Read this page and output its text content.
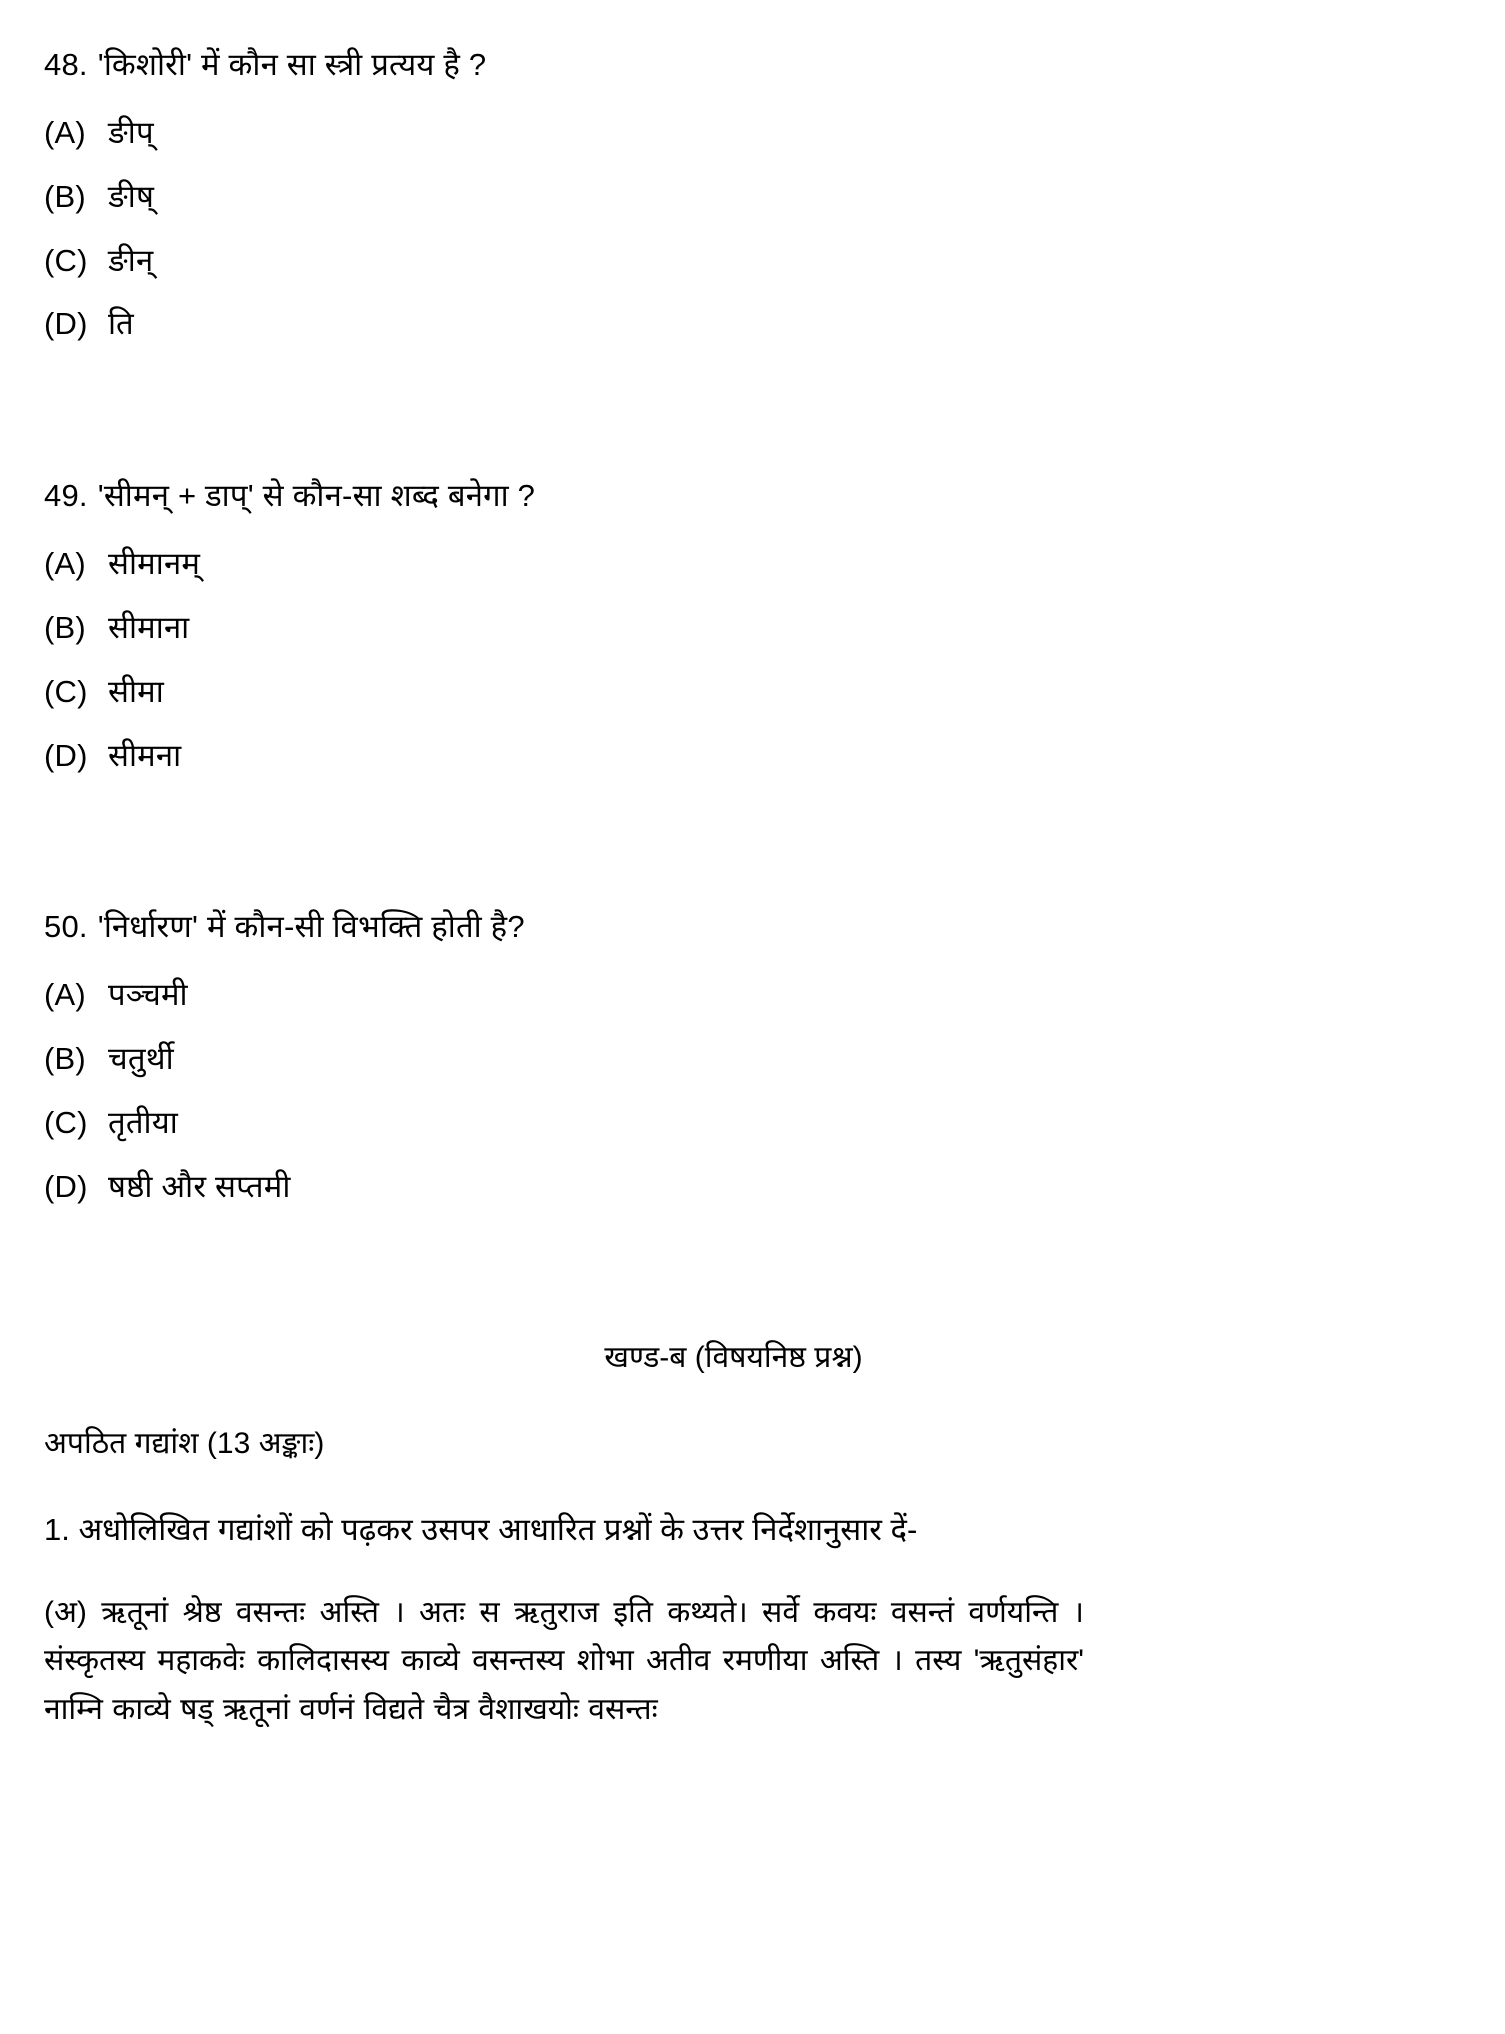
48. 'किशोरी' में कौन सा स्त्री प्रत्यय है ?

(A) ङीप्

(B) ङीष्

(C) ङीन्

(D) ति

49. 'सीमन् + डाप्' से कौन-सा शब्द बनेगा ?

(A) सीमानम्

(B) सीमाना

(C) सीमा

(D) सीमना

50. 'निर्धारण' में कौन-सी विभक्ति होती है?

(A) पञ्चमी

(B) चतुर्थी

(C) तृतीया

(D) षष्ठी और सप्तमी

खण्ड-ब (विषयनिष्ठ प्रश्न)

अपठित गद्यांश (13 अङ्काः)

1. अधोलिखित गद्यांशों को पढ़कर उसपर आधारित प्रश्नों के उत्तर निर्देशानुसार दें-

(अ) ऋतूनां श्रेष्ठ वसन्तः अस्ति । अतः स ऋतुराज इति कथ्यते। सर्वे कवयः वसन्तं वर्णयन्ति । संस्कृतस्य महाकवेः कालिदासस्य काव्ये वसन्तस्य शोभा अतीव रमणीया अस्ति । तस्य 'ऋतुसंहार' नाम्नि काव्ये षड् ऋतूनां वर्णनं विद्यते चैत्र वैशाखयोः वसन्तः
